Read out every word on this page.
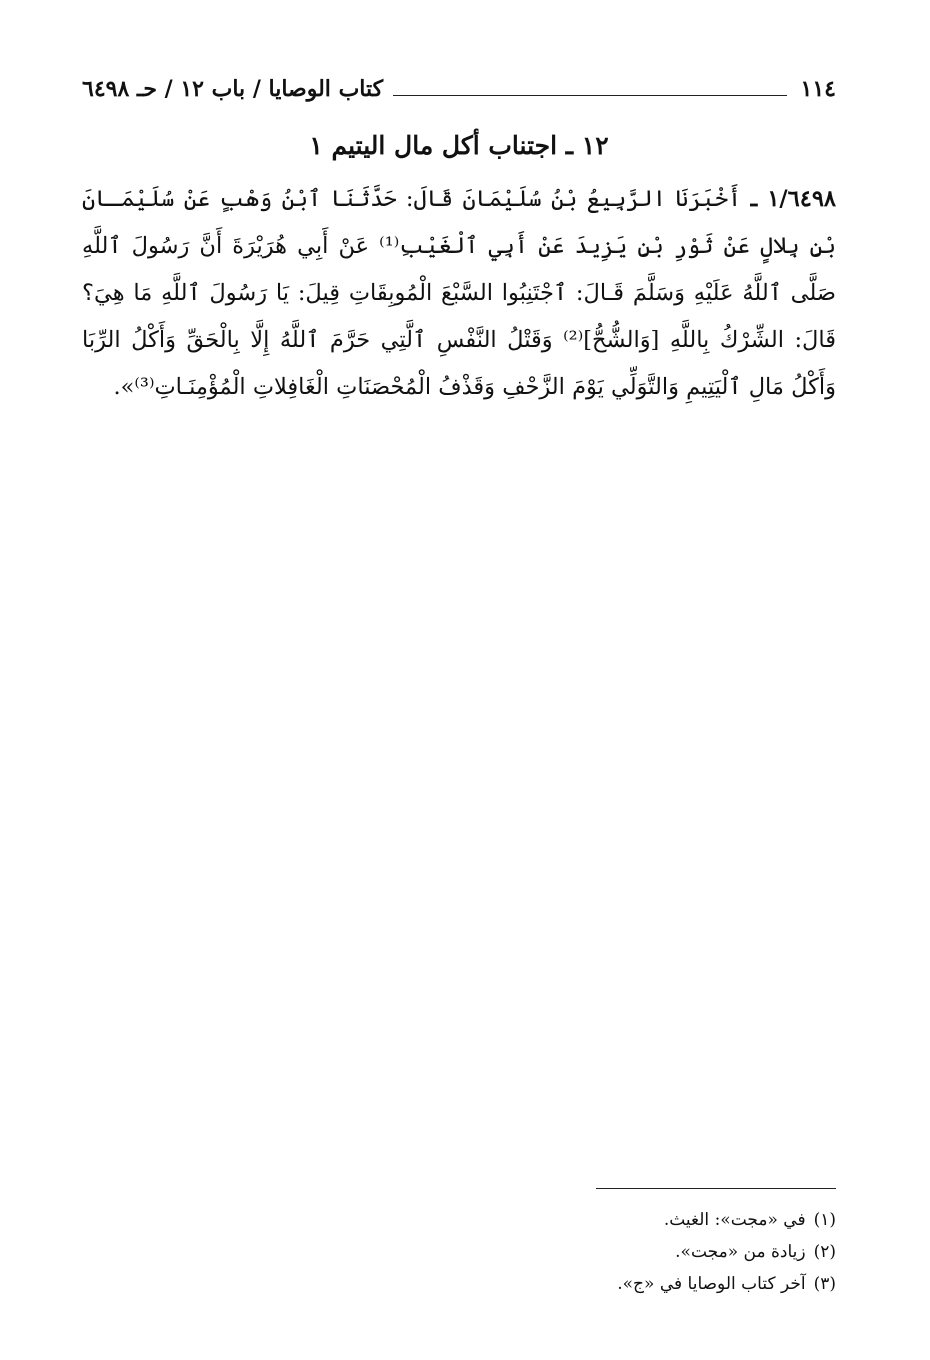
١١٤
كتاب الوصايا / باب ١٢ / حـ ٦٤٩٨
١٢ ـ اجتناب أكل مال اليتيم ١
١/٦٤٩٨ ـ أَخْبَرَنَا الرَّبِيعُ بْنُ سُلَيْمَانَ قَالَ: حَدَّثَنَا ٱبْنُ وَهْبٍ عَنْ سُلَيْمَـانَ بْنِ بِلالٍ عَنْ ثَوْرِ بْنِ يَزِيدَ عَنْ أَبِي ٱلْغَيْبِ⁽¹⁾ عَنْ أَبِي هُرَيْرَةَ أَنَّ رَسُولَ ٱللَّهِ صَلَّى ٱللَّهُ عَلَيْهِ وَسَلَّمَ قَـالَ: ٱجْتَنِبُوا السَّبْعَ الْمُوبِقَاتِ قِيلَ: يَا رَسُولَ ٱللَّهِ مَا هِيَ؟ قَالَ: الشِّرْكُ بِاللَّهِ [وَالشُّحُّ]⁽²⁾ وَقَتْلُ النَّفْسِ ٱلَّتِي حَرَّمَ ٱللَّهُ إِلَّا بِالْحَقِّ وَأَكْلُ الرِّبَا وَأَكْلُ مَالِ ٱلْيَتِيمِ وَالتَّوَلِّي يَوْمَ الزَّحْفِ وَقَذْفُ الْمُحْصَنَاتِ الْغَافِلاتِ الْمُؤْمِنَـاتِ⁽³⁾».
(١)في «مجت»: الغيث.
(٢)زيادة من «مجت».
(٣)آخر كتاب الوصايا في «ج».
